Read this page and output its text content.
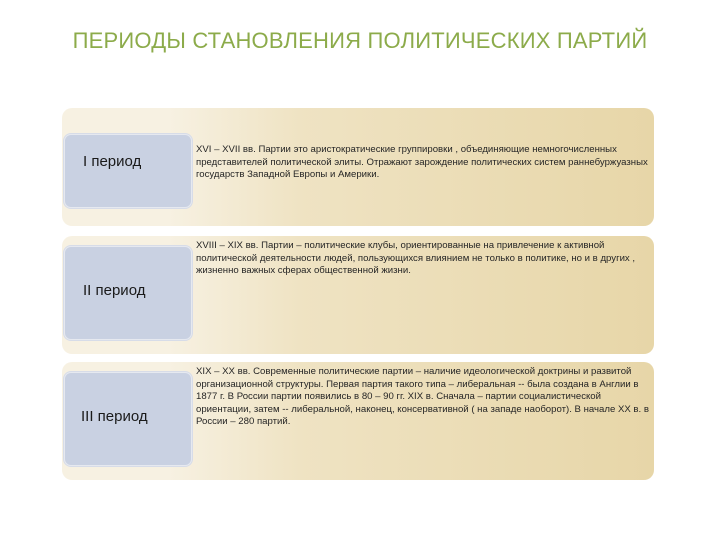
ПЕРИОДЫ СТАНОВЛЕНИЯ ПОЛИТИЧЕСКИХ ПАРТИЙ
I период
XVI – XVII вв. Партии это аристократические группировки , объединяющие немногочисленных представителей политической элиты. Отражают зарождение политических систем раннебуржуазных государств Западной Европы и Америки.
II период
XVIII – XIX вв. Партии – политические клубы, ориентированные на привлечение к активной политической деятельности людей, пользующихся влиянием не только в политике, но и в других , жизненно важных сферах общественной жизни.
III период
XIX – XX вв. Современные политические партии – наличие идеологической доктрины и развитой организационной структуры. Первая партия такого типа – либеральная -- была создана в Англии в 1877 г. В России партии появились в 80 – 90 гг. XIX в. Сначала – партии социалистической ориентации, затем -- либеральной, наконец, консервативной ( на западе наоборот). В начале XX в. в России – 280 партий.
